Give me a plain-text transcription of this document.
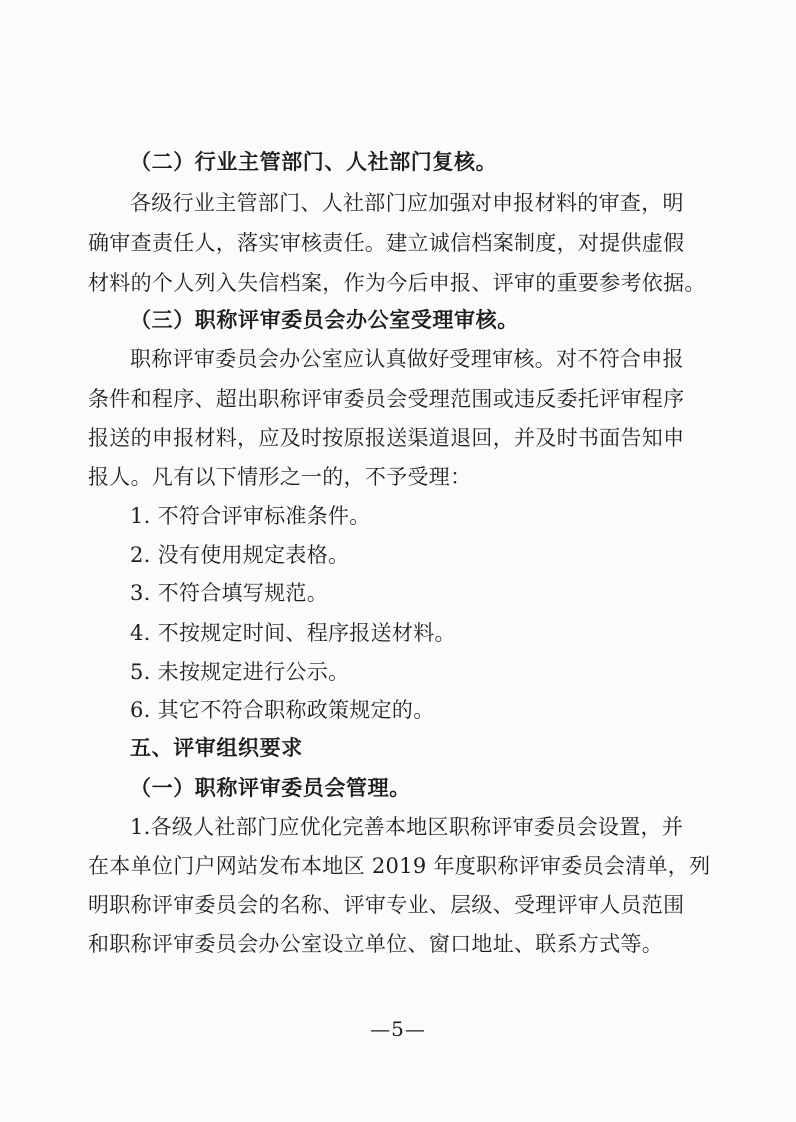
（二）行业主管部门、人社部门复核。
各级行业主管部门、人社部门应加强对申报材料的审查，明
确审查责任人，落实审核责任。建立诚信档案制度，对提供虚假
材料的个人列入失信档案，作为今后申报、评审的重要参考依据。
（三）职称评审委员会办公室受理审核。
职称评审委员会办公室应认真做好受理审核。对不符合申报
条件和程序、超出职称评审委员会受理范围或违反委托评审程序
报送的申报材料，应及时按原报送渠道退回，并及时书面告知申
报人。凡有以下情形之一的，不予受理：
1. 不符合评审标准条件。
2. 没有使用规定表格。
3. 不符合填写规范。
4. 不按规定时间、程序报送材料。
5. 未按规定进行公示。
6. 其它不符合职称政策规定的。
五、评审组织要求
（一）职称评审委员会管理。
1.各级人社部门应优化完善本地区职称评审委员会设置，并
在本单位门户网站发布本地区 2019 年度职称评审委员会清单，列
明职称评审委员会的名称、评审专业、层级、受理评审人员范围
和职称评审委员会办公室设立单位、窗口地址、联系方式等。
—5—
